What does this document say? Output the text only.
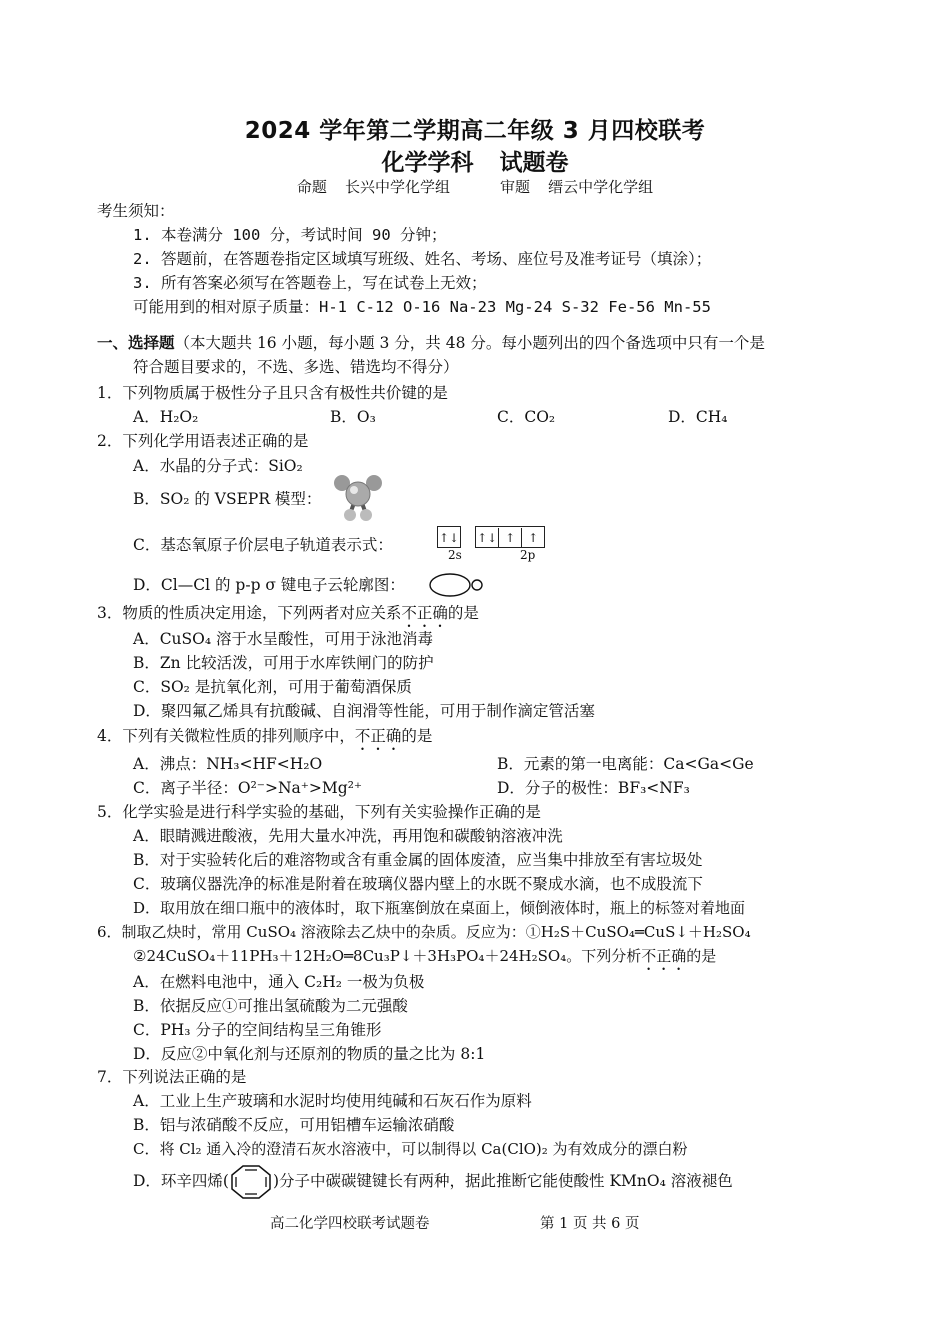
2024 学年第二学期高二年级 3 月四校联考
化学学科 试题卷
命题 长兴中学化学组	审题 缙云中学化学组
考生须知：
1. 本卷满分 100 分，考试时间 90 分钟；
2. 答题前，在答题卷指定区域填写班级、姓名、考场、座位号及准考证号（填涂）；
3. 所有答案必须写在答题卷上，写在试卷上无效；
可能用到的相对原子质量：H-1 C-12 O-16 Na-23 Mg-24 S-32 Fe-56 Mn-55
一、选择题（本大题共 16 小题，每小题 3 分，共 48 分。每小题列出的四个备选项中只有一个是
符合题目要求的，不选、多选、错选均不得分）
1．下列物质属于极性分子且只含有极性共价键的是
A．H₂O₂	B．O₃	C．CO₂	D．CH₄
2．下列化学用语表述正确的是
A．水晶的分子式：SiO₂
B．SO₂ 的 VSEPR 模型：
C．基态氧原子价层电子轨道表示式：	↑↓ ↑↓ ↑ ↑
2s	2p
D．Cl—Cl 的 p-p σ 键电子云轮廓图：
3．物质的性质决定用途，下列两者对应关系不正确的是
A．CuSO₄ 溶于水呈酸性，可用于泳池消毒
B．Zn 比较活泼，可用于水库铁闸门的防护
C．SO₂ 是抗氧化剂，可用于葡萄酒保质
D．聚四氟乙烯具有抗酸碱、自润滑等性能，可用于制作滴定管活塞
4．下列有关微粒性质的排列顺序中，不正确的是
A．沸点：NH₃<HF<H₂O	B．元素的第一电离能：Ca<Ga<Ge
C．离子半径：O²⁻>Na⁺>Mg²⁺	D．分子的极性：BF₃<NF₃
5．化学实验是进行科学实验的基础，下列有关实验操作正确的是
A．眼睛溅进酸液，先用大量水冲洗，再用饱和碳酸钠溶液冲洗
B．对于实验转化后的难溶物或含有重金属的固体废渣，应当集中排放至有害垃圾处
C．玻璃仪器洗净的标准是附着在玻璃仪器内壁上的水既不聚成水滴，也不成股流下
D．取用放在细口瓶中的液体时，取下瓶塞倒放在桌面上，倾倒液体时，瓶上的标签对着地面
6．制取乙炔时，常用 CuSO₄ 溶液除去乙炔中的杂质。反应为：①H₂S＋CuSO₄═CuS↓＋H₂SO₄
②24CuSO₄＋11PH₃＋12H₂O═8Cu₃P↓＋3H₃PO₄＋24H₂SO₄。下列分析不正确的是
A．在燃料电池中，通入 C₂H₂ 一极为负极
B．依据反应①可推出氢硫酸为二元强酸
C．PH₃ 分子的空间结构呈三角锥形
D．反应②中氧化剂与还原剂的物质的量之比为 8:1
7．下列说法正确的是
A．工业上生产玻璃和水泥时均使用纯碱和石灰石作为原料
B．铝与浓硝酸不反应，可用铝槽车运输浓硝酸
C．将 Cl₂ 通入冷的澄清石灰水溶液中，可以制得以 Ca(ClO)₂ 为有效成分的漂白粉
D．环辛四烯(	)分子中碳碳键键长有两种，据此推断它能使酸性 KMnO₄ 溶液褪色
高二化学四校联考试题卷	第 1 页 共 6 页
